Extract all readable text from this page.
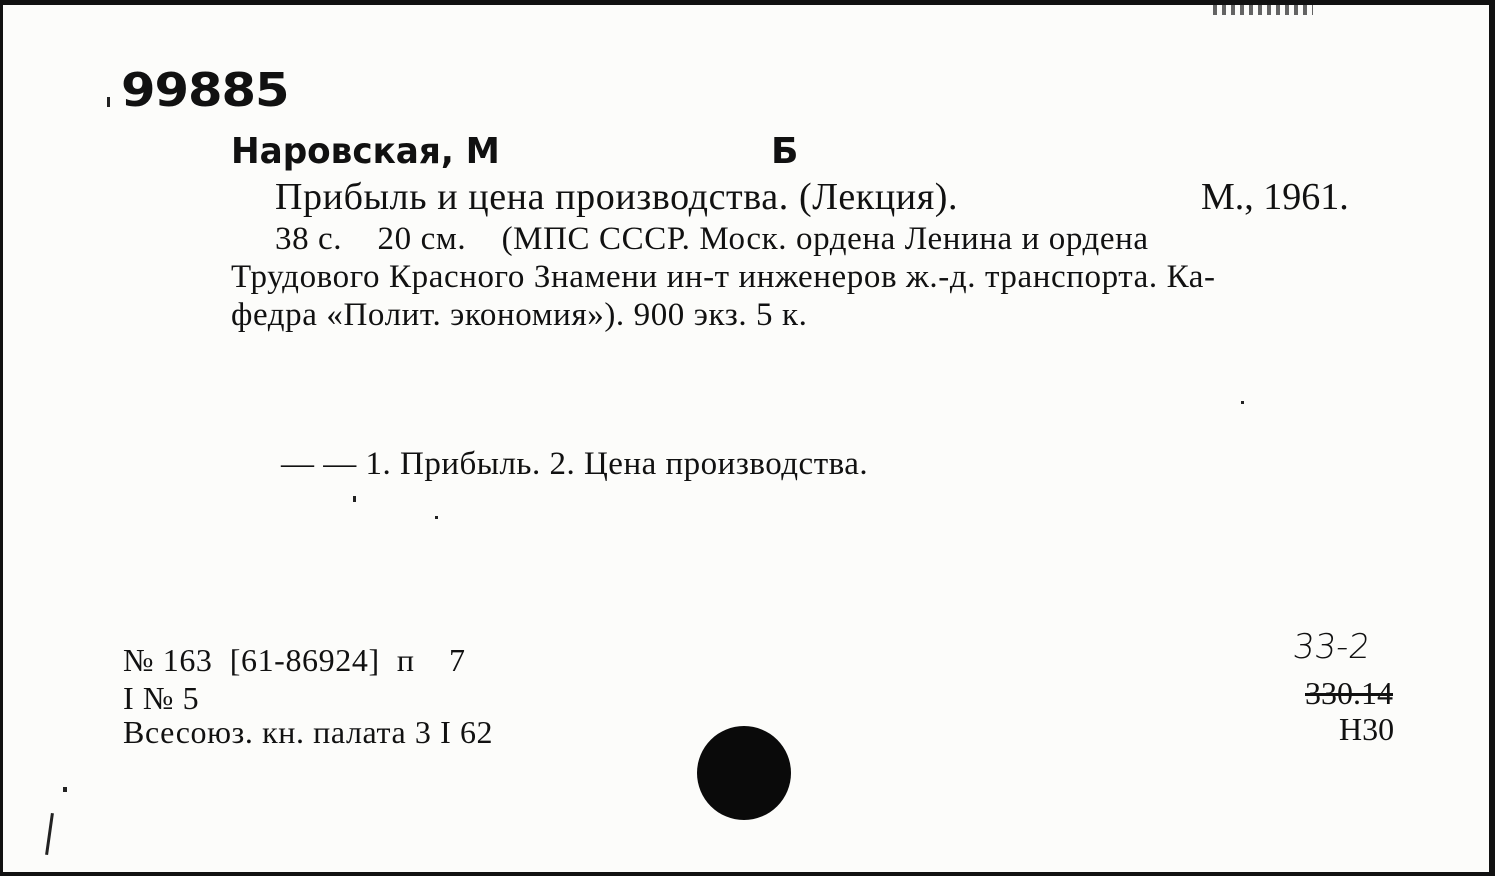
99885
Наровская, М	Б
Прибыль и цена производства. (Лекция).	М., 1961.
38 с.    20 см.    (МПС СССР. Моск. ордена Ленина и ордена
Трудового Красного Знамени ин-т инженеров ж.-д. транспорта. Ка-
федра «Полит. экономия»). 900 экз. 5 к.
— — 1. Прибыль. 2. Цена производства.
№ 163  [61-86924]  п    7
I № 5
Всесоюз. кн. палата 3 I 62
33-2
330.14
Н30
